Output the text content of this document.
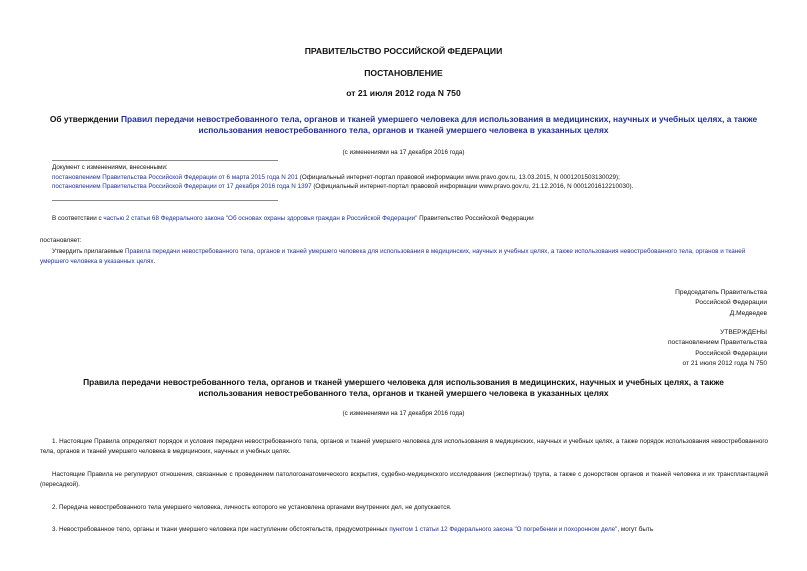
ПРАВИТЕЛЬСТВО РОССИЙСКОЙ ФЕДЕРАЦИИ
ПОСТАНОВЛЕНИЕ
от 21 июля 2012 года N 750
Об утверждении Правил передачи невостребованного тела, органов и тканей умершего человека для использования в медицинских, научных и учебных целях, а также использования невостребованного тела, органов и тканей умершего человека в указанных целях
(с изменениями на 17 декабря 2016 года)
Документ с изменениями, внесенными:
постановлением Правительства Российской Федерации от 6 марта 2015 года N 201 (Официальный интернет-портал правовой информации www.pravo.gov.ru, 13.03.2015, N 0001201503130029);
постановлением Правительства Российской Федерации от 17 декабря 2016 года N 1397 (Официальный интернет-портал правовой информации www.pravo.gov.ru, 21.12.2016, N 0001201612210030).
В соответствии с частью 2 статьи 68 Федерального закона "Об основах охраны здоровья граждан в Российской Федерации" Правительство Российской Федерации
постановляет:
Утвердить прилагаемые Правила передачи невостребованного тела, органов и тканей умершего человека для использования в медицинских, научных и учебных целях, а также использования невостребованного тела, органов и тканей умершего человека в указанных целях.
Председатель Правительства
Российской Федерации
Д.Медведев
УТВЕРЖДЕНЫ
постановлением Правительства
Российской Федерации
от 21 июля 2012 года N 750
Правила передачи невостребованного тела, органов и тканей умершего человека для использования в медицинских, научных и учебных целях, а также использования невостребованного тела, органов и тканей умершего человека в указанных целях
(с изменениями на 17 декабря 2016 года)
1. Настоящие Правила определяют порядок и условия передачи невостребованного тела, органов и тканей умершего человека для использования в медицинских, научных и учебных целях, а также порядок использования невостребованного тела, органов и тканей умершего человека в медицинских, научных и учебных целях.
Настоящие Правила не регулируют отношения, связанные с проведением патологоанатомического вскрытия, судебно-медицинского исследования (экспертизы) трупа, а также с донорством органов и тканей человека и их трансплантацией (пересадкой).
2. Передача невостребованного тела умершего человека, личность которого не установлена органами внутренних дел, не допускается.
3. Невостребованное тело, органы и ткани умершего человека при наступлении обстоятельств, предусмотренных пунктом 1 статьи 12 Федерального закона "О погребении и похоронном деле", могут быть
